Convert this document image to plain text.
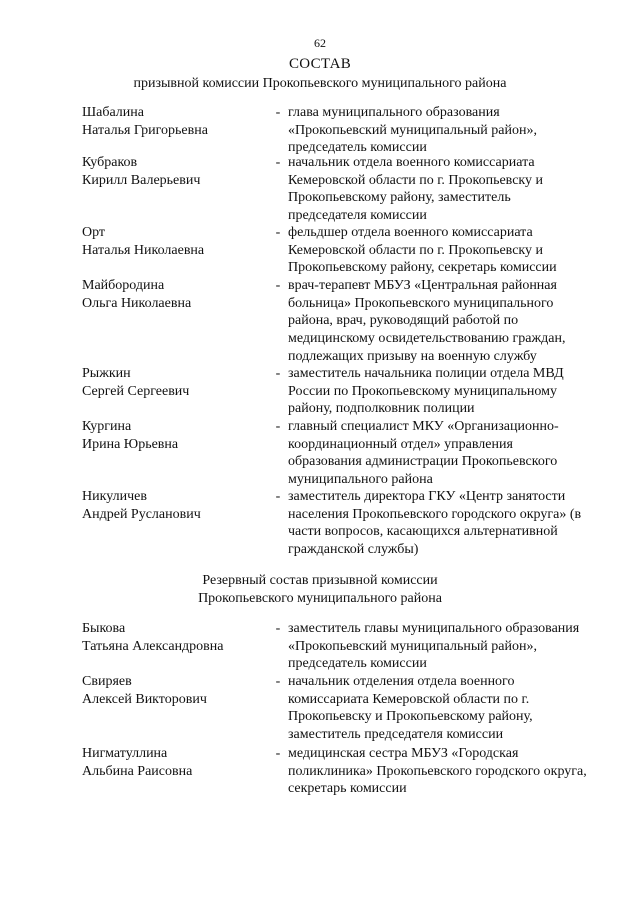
62
СОСТАВ
призывной комиссии Прокопьевского муниципального района
Шабалина
Наталья Григорьевна
- глава муниципального образования «Прокопьевский муниципальный район», председатель комиссии
Кубраков
Кирилл Валерьевич
- начальник отдела военного комиссариата Кемеровской области по г. Прокопьевску и Прокопьевскому району, заместитель председателя комиссии
Орт
Наталья Николаевна
- фельдшер отдела военного комиссариата Кемеровской области по г. Прокопьевску и Прокопьевскому району, секретарь комиссии
Майбородина
Ольга Николаевна
- врач-терапевт МБУЗ «Центральная районная больница» Прокопьевского муниципального района, врач, руководящий работой по медицинскому освидетельствованию граждан, подлежащих призыву на военную службу
Рыжкин
Сергей Сергеевич
- заместитель начальника полиции отдела МВД России по Прокопьевскому муниципальному району, подполковник полиции
Кургина
Ирина Юрьевна
- главный специалист МКУ «Организационно-координационный отдел» управления образования администрации Прокопьевского муниципального района
Никуличев
Андрей Русланович
- заместитель директора ГКУ «Центр занятости населения Прокопьевского городского округа» (в части вопросов, касающихся альтернативной гражданской службы)
Резервный состав призывной комиссии
Прокопьевского муниципального района
Быкова
Татьяна Александровна
- заместитель главы муниципального образования «Прокопьевский муниципальный район», председатель комиссии
Свиряев
Алексей Викторович
- начальник отделения отдела военного комиссариата Кемеровской области по г. Прокопьевску и Прокопьевскому району, заместитель председателя комиссии
Нигматуллина
Альбина Раисовна
- медицинская сестра МБУЗ «Городская поликлиника» Прокопьевского городского округа, секретарь комиссии
